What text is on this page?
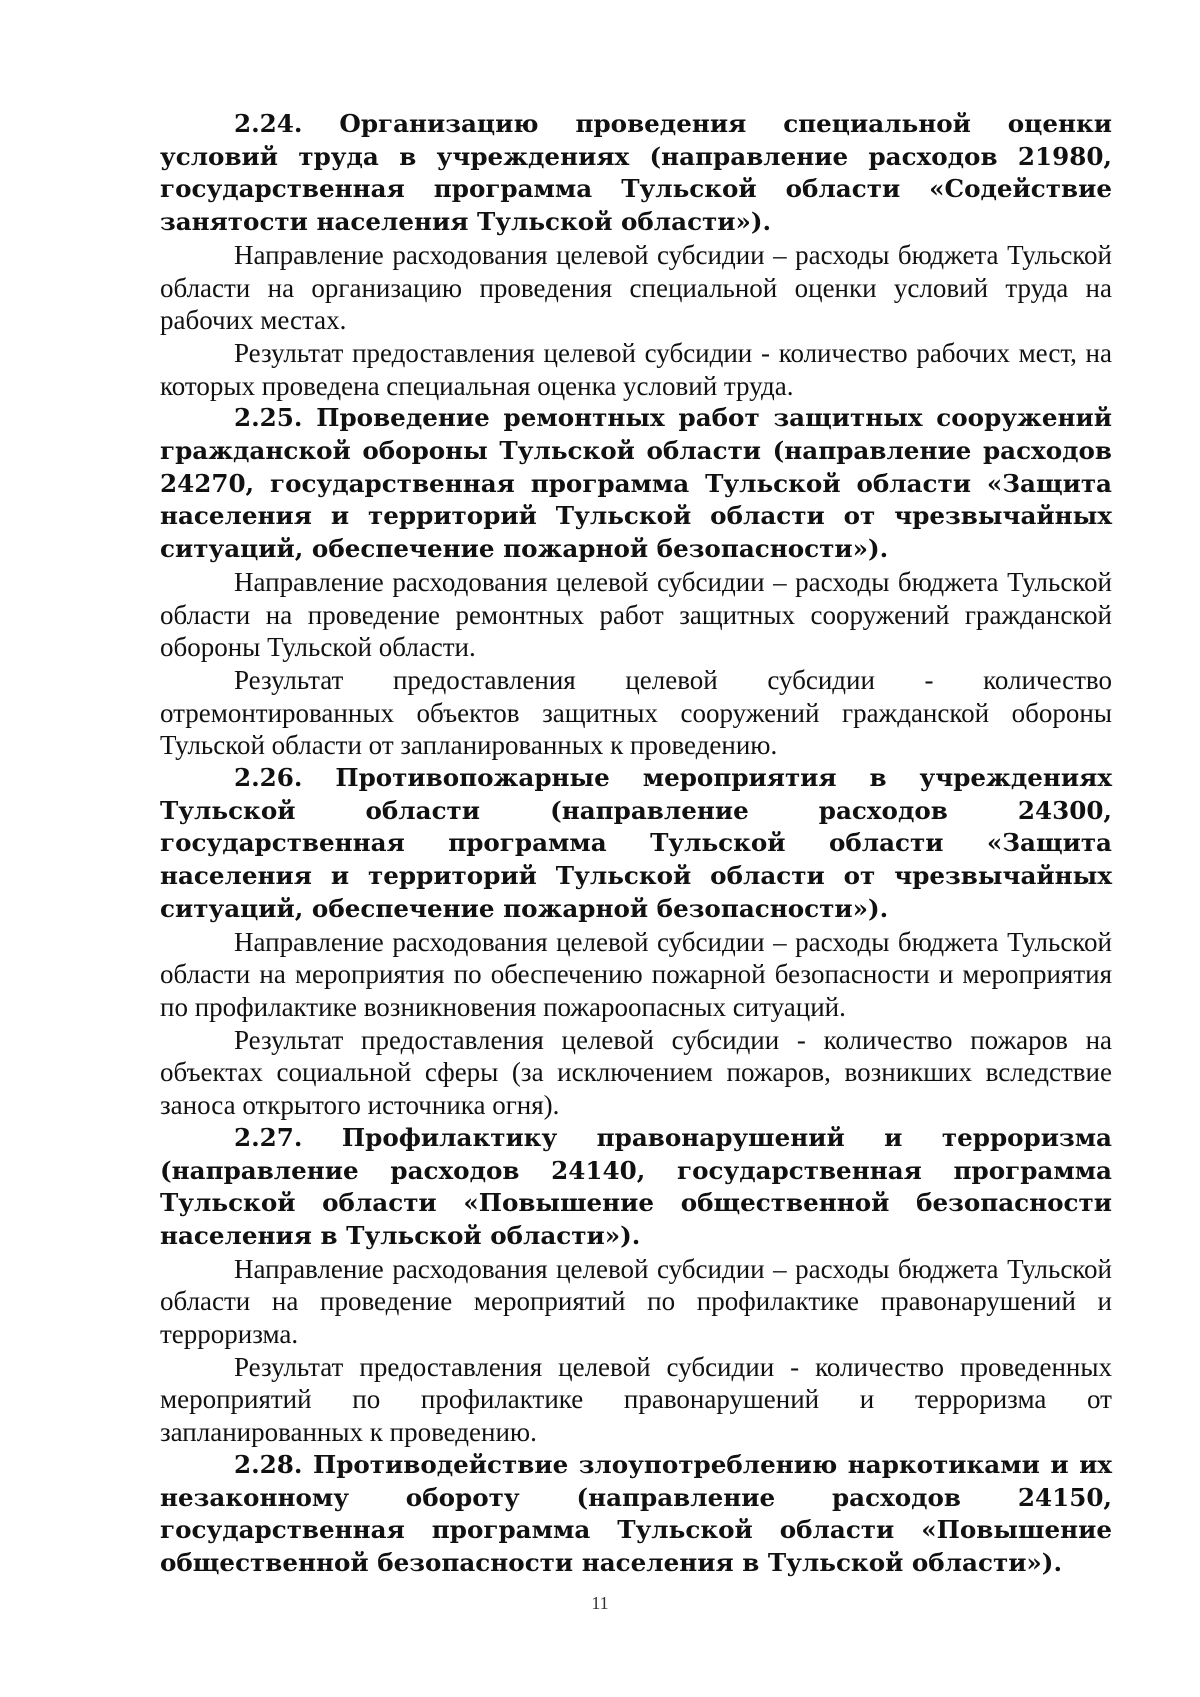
2.24. Организацию проведения специальной оценки условий труда в учреждениях (направление расходов 21980, государственная программа Тульской области «Содействие занятости населения Тульской области»).

Направление расходования целевой субсидии – расходы бюджета Тульской области на организацию проведения специальной оценки условий труда на рабочих местах.

Результат предоставления целевой субсидии - количество рабочих мест, на которых проведена специальная оценка условий труда.

2.25. Проведение ремонтных работ защитных сооружений гражданской обороны Тульской области (направление расходов 24270, государственная программа Тульской области «Защита населения и территорий Тульской области от чрезвычайных ситуаций, обеспечение пожарной безопасности»).

Направление расходования целевой субсидии – расходы бюджета Тульской области на проведение ремонтных работ защитных сооружений гражданской обороны Тульской области.

Результат предоставления целевой субсидии - количество отремонтированных объектов защитных сооружений гражданской обороны Тульской области от запланированных к проведению.

2.26. Противопожарные мероприятия в учреждениях Тульской области (направление расходов 24300, государственная программа Тульской области «Защита населения и территорий Тульской области от чрезвычайных ситуаций, обеспечение пожарной безопасности»).

Направление расходования целевой субсидии – расходы бюджета Тульской области на мероприятия по обеспечению пожарной безопасности и мероприятия по профилактике возникновения пожароопасных ситуаций.

Результат предоставления целевой субсидии - количество пожаров на объектах социальной сферы (за исключением пожаров, возникших вследствие заноса открытого источника огня).

2.27. Профилактику правонарушений и терроризма (направление расходов 24140, государственная программа Тульской области «Повышение общественной безопасности населения в Тульской области»).

Направление расходования целевой субсидии – расходы бюджета Тульской области на проведение мероприятий по профилактике правонарушений и терроризма.

Результат предоставления целевой субсидии - количество проведенных мероприятий по профилактике правонарушений и терроризма от запланированных к проведению.

2.28. Противодействие злоупотреблению наркотиками и их незаконному обороту (направление расходов 24150, государственная программа Тульской области «Повышение общественной безопасности населения в Тульской области»).

11
